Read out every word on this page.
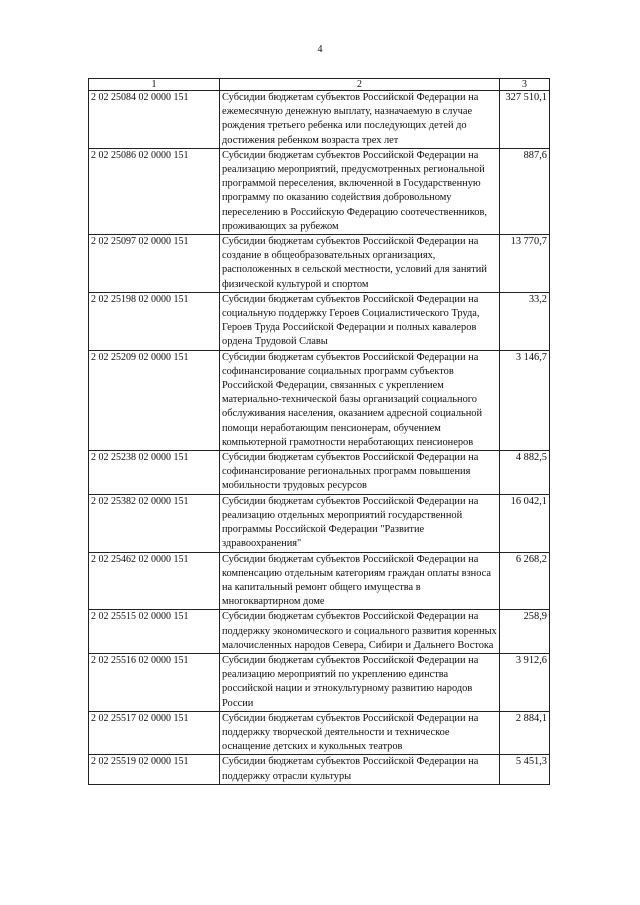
4
1	2	3
2 02 25084 02 0000 151	Субсидии бюджетам субъектов Российской Федерации на ежемесячную денежную выплату, назначаемую в случае рождения третьего ребенка или последующих детей до достижения ребенком возраста трех лет	327 510,1
2 02 25086 02 0000 151	Субсидии бюджетам субъектов Российской Федерации на реализацию мероприятий, предусмотренных региональной программой переселения, включенной в Государственную программу по оказанию содействия добровольному переселению в Российскую Федерацию соотечественников, проживающих за рубежом	887,6
2 02 25097 02 0000 151	Субсидии бюджетам субъектов Российской Федерации на создание в общеобразовательных организациях, расположенных в сельской местности, условий для занятий физической культурой и спортом	13 770,7
2 02 25198 02 0000 151	Субсидии бюджетам субъектов Российской Федерации на социальную поддержку Героев Социалистического Труда, Героев Труда Российской Федерации и полных кавалеров ордена Трудовой Славы	33,2
2 02 25209 02 0000 151	Субсидии бюджетам субъектов Российской Федерации на софинансирование социальных программ субъектов Российской Федерации, связанных с укреплением материально-технической базы организаций социального обслуживания населения, оказанием адресной социальной помощи неработающим пенсионерам, обучением компьютерной грамотности неработающих пенсионеров	3 146,7
2 02 25238 02 0000 151	Субсидии бюджетам субъектов Российской Федерации на софинансирование региональных программ повышения мобильности трудовых ресурсов	4 882,5
2 02 25382 02 0000 151	Субсидии бюджетам субъектов Российской Федерации на реализацию отдельных мероприятий государственной программы Российской Федерации "Развитие здравоохранения"	16 042,1
2 02 25462 02 0000 151	Субсидии бюджетам субъектов Российской Федерации на компенсацию отдельным категориям граждан оплаты взноса на капитальный ремонт общего имущества в многоквартирном доме	6 268,2
2 02 25515 02 0000 151	Субсидии бюджетам субъектов Российской Федерации на поддержку экономического и социального развития коренных малочисленных народов Севера, Сибири и Дальнего Востока	258,9
2 02 25516 02 0000 151	Субсидии бюджетам субъектов Российской Федерации на реализацию мероприятий по укреплению единства российской нации и этнокультурному развитию народов России	3 912,6
2 02 25517 02 0000 151	Субсидии бюджетам субъектов Российской Федерации на поддержку творческой деятельности и техническое оснащение детских и кукольных театров	2 884,1
2 02 25519 02 0000 151	Субсидии бюджетам субъектов Российской Федерации на поддержку отрасли культуры	5 451,3
